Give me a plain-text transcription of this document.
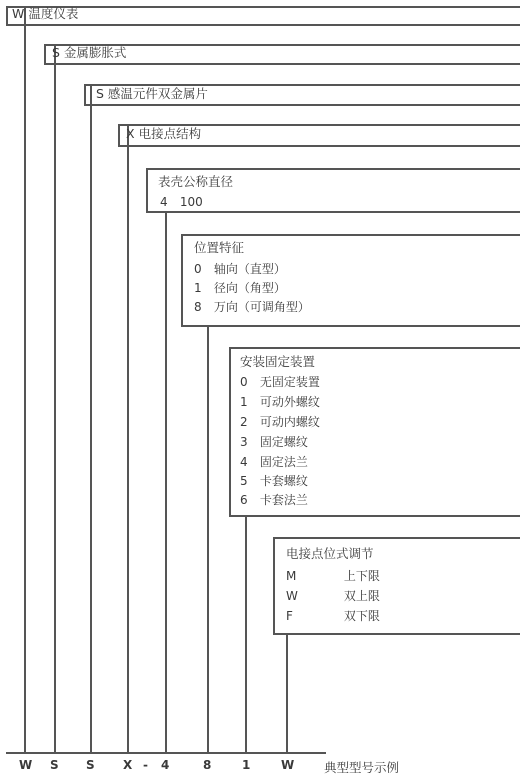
W 温度仪表
S 金属膨胀式
S 感温元件双金属片
X 电接点结构
表壳公称直径
4 100
位置特征
0 轴向（直型）
1 径向（角型）
8 万向（可调角型）
安装固定装置
0 无固定装置
1 可动外螺纹
2 可动内螺纹
3 固定螺纹
4 固定法兰
5 卡套螺纹
6 卡套法兰
电接点位式调节
M	上下限
W	双上限
F	双下限
W S S X - 4	8	1	W 典型型号示例
